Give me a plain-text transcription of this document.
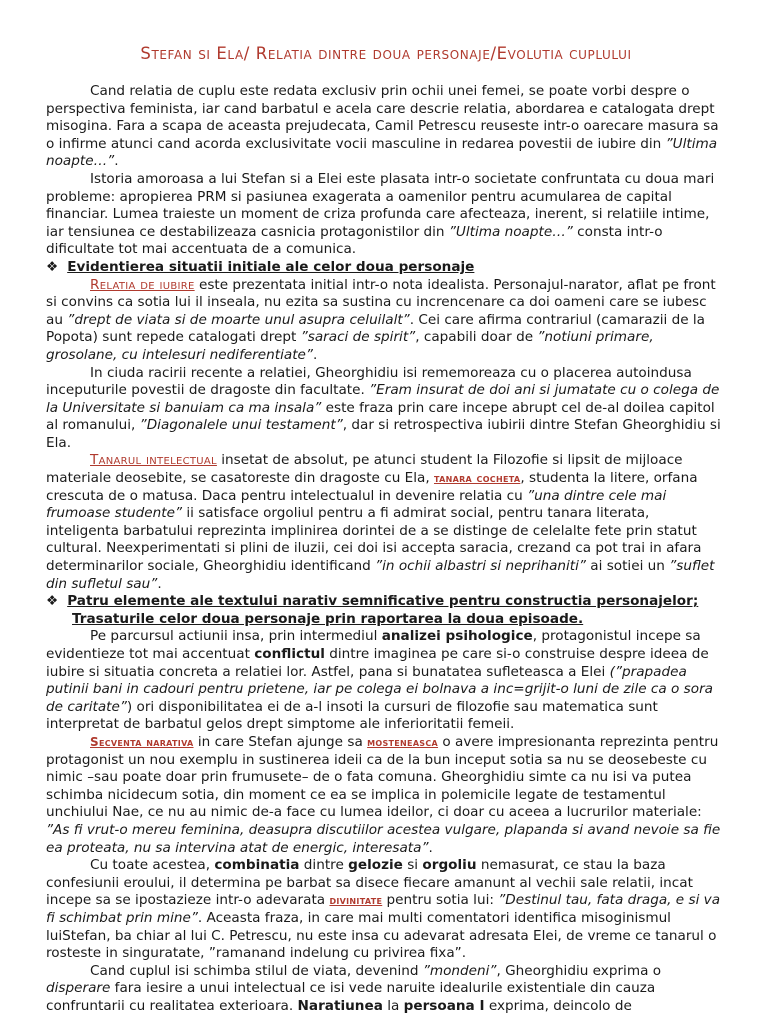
Stefan si Ela/ Relatia dintre doua personaje/Evolutia cuplului

Cand relatia de cuplu este redata exclusiv prin ochii unei femei, se poate vorbi despre o perspectiva feminista, iar cand barbatul e acela care descrie relatia, abordarea e catalogata drept misogina. Fara a scapa de aceasta prejudecata, Camil Petrescu reuseste intr-o oarecare masura sa o infirme atunci cand acorda exclusivitate vocii masculine in redarea povestii de iubire din ”Ultima noapte…”.

Istoria amoroasa a lui Stefan si a Elei este plasata intr-o societate confruntata cu doua mari probleme: apropierea PRM si pasiunea exagerata a oamenilor pentru acumularea de capital financiar. Lumea traieste un moment de criza profunda care afecteaza, inerent, si relatiile intime, iar tensiunea ce destabilizeaza casnicia protagonistilor din ”Ultima noapte…” consta intr-o dificultate tot mai accentuata de a comunica.

❖ Evidentierea situatii initiale ale celor doua personaje

Relatia de iubire este prezentata initial intr-o nota idealista. Personajul-narator, aflat pe front si convins ca sotia lui il inseala, nu ezita sa sustina cu increncenare ca doi oameni care se iubesc au ”drept de viata si de moarte unul asupra celuilalt”. Cei care afirma contrariul (camarazii de la Popota) sunt repede catalogati drept ”saraci de spirit”, capabili doar de ”notiuni primare, grosolane, cu intelesuri nediferentiate”.

In ciuda racirii recente a relatiei, Gheorghidiu isi rememoreaza cu o placerea autoindusa inceputurile povestii de dragoste din facultate. ”Eram insurat de doi ani si jumatate cu o colega de la Universitate si banuiam ca ma insala” este fraza prin care incepe abrupt cel de-al doilea capitol al romanului, ”Diagonalele unui testament”, dar si retrospectiva iubirii dintre Stefan Gheorghidiu si Ela.

Tanarul intelectual insetat de absolut, pe atunci student la Filozofie si lipsit de mijloace materiale deosebite, se casatoreste din dragoste cu Ela, tanara cocheta, studenta la litere, orfana crescuta de o matusa. Daca pentru intelectualul in devenire relatia cu ”una dintre cele mai frumoase studente” ii satisface orgoliul pentru a fi admirat social, pentru tanara literata, inteligenta barbatului reprezinta implinirea dorintei de a se distinge de celelalte fete prin statut cultural. Neexperimentati si plini de iluzii, cei doi isi accepta saracia, crezand ca pot trai in afara determinarilor sociale, Gheorghidiu identificand ”in ochii albastri si neprihaniti” ai sotiei un ”suflet din sufletul sau”.

❖ Patru elemente ale textului narativ semnificative pentru constructia personajelor;
Trasaturile celor doua personaje prin raportarea la doua episoade.

Pe parcursul actiunii insa, prin intermediul analizei psihologice, protagonistul incepe sa evidentieze tot mai accentuat conflictul dintre imaginea pe care si-o construise despre ideea de iubire si situatia concreta a relatiei lor. Astfel, pana si bunatatea sufleteasca a Elei (”prapadea putinii bani in cadouri pentru prietene, iar pe colega ei bolnava a inc=grijit-o luni de zile ca o sora de caritate”) ori disponibilitatea ei de a-l insoti la cursuri de filozofie sau matematica sunt interpretat de barbatul gelos drept simptome ale inferioritatii femeii.

Secventa narativa in care Stefan ajunge sa mosteneasca o avere impresionanta reprezinta pentru protagonist un nou exemplu in sustinerea ideii ca de la bun inceput sotia sa nu se deosebeste cu nimic –sau poate doar prin frumusete– de o fata comuna. Gheorghidiu simte ca nu isi va putea schimba nicidecum sotia, din moment ce ea se implica in polemicile legate de testamentul unchiului Nae, ce nu au nimic de-a face cu lumea ideilor, ci doar cu aceea a lucrurilor materiale: ”As fi vrut-o mereu feminina, deasupra discutiilor acestea vulgare, plapanda si avand nevoie sa fie ea proteata, nu sa intervina atat de energic, interesata”.

Cu toate acestea, combinatia dintre gelozie si orgoliu nemasurat, ce stau la baza confesiunii eroului, il determina pe barbat sa disece fiecare amanunt al vechii sale relatii, incat incepe sa se ipostazieze intr-o adevarata divinitate pentru sotia lui: ”Destinul tau, fata draga, e si va fi schimbat prin mine”. Aceasta fraza, in care mai multi comentatori identifica misoginismul luiStefan, ba chiar al lui C. Petrescu, nu este insa cu adevarat adresata Elei, de vreme ce tanarul o rosteste in singuratate, ”ramanand indelung cu privirea fixa”.

Cand cuplul isi schimba stilul de viata, devenind ”mondeni”, Gheorghidiu exprima o disperare fara iesire a unui intelectual ce isi vede naruite idealurile existentiale din cauza confruntarii cu realitatea exterioara. Naratiunea la persoana I exprima, deincolo de
